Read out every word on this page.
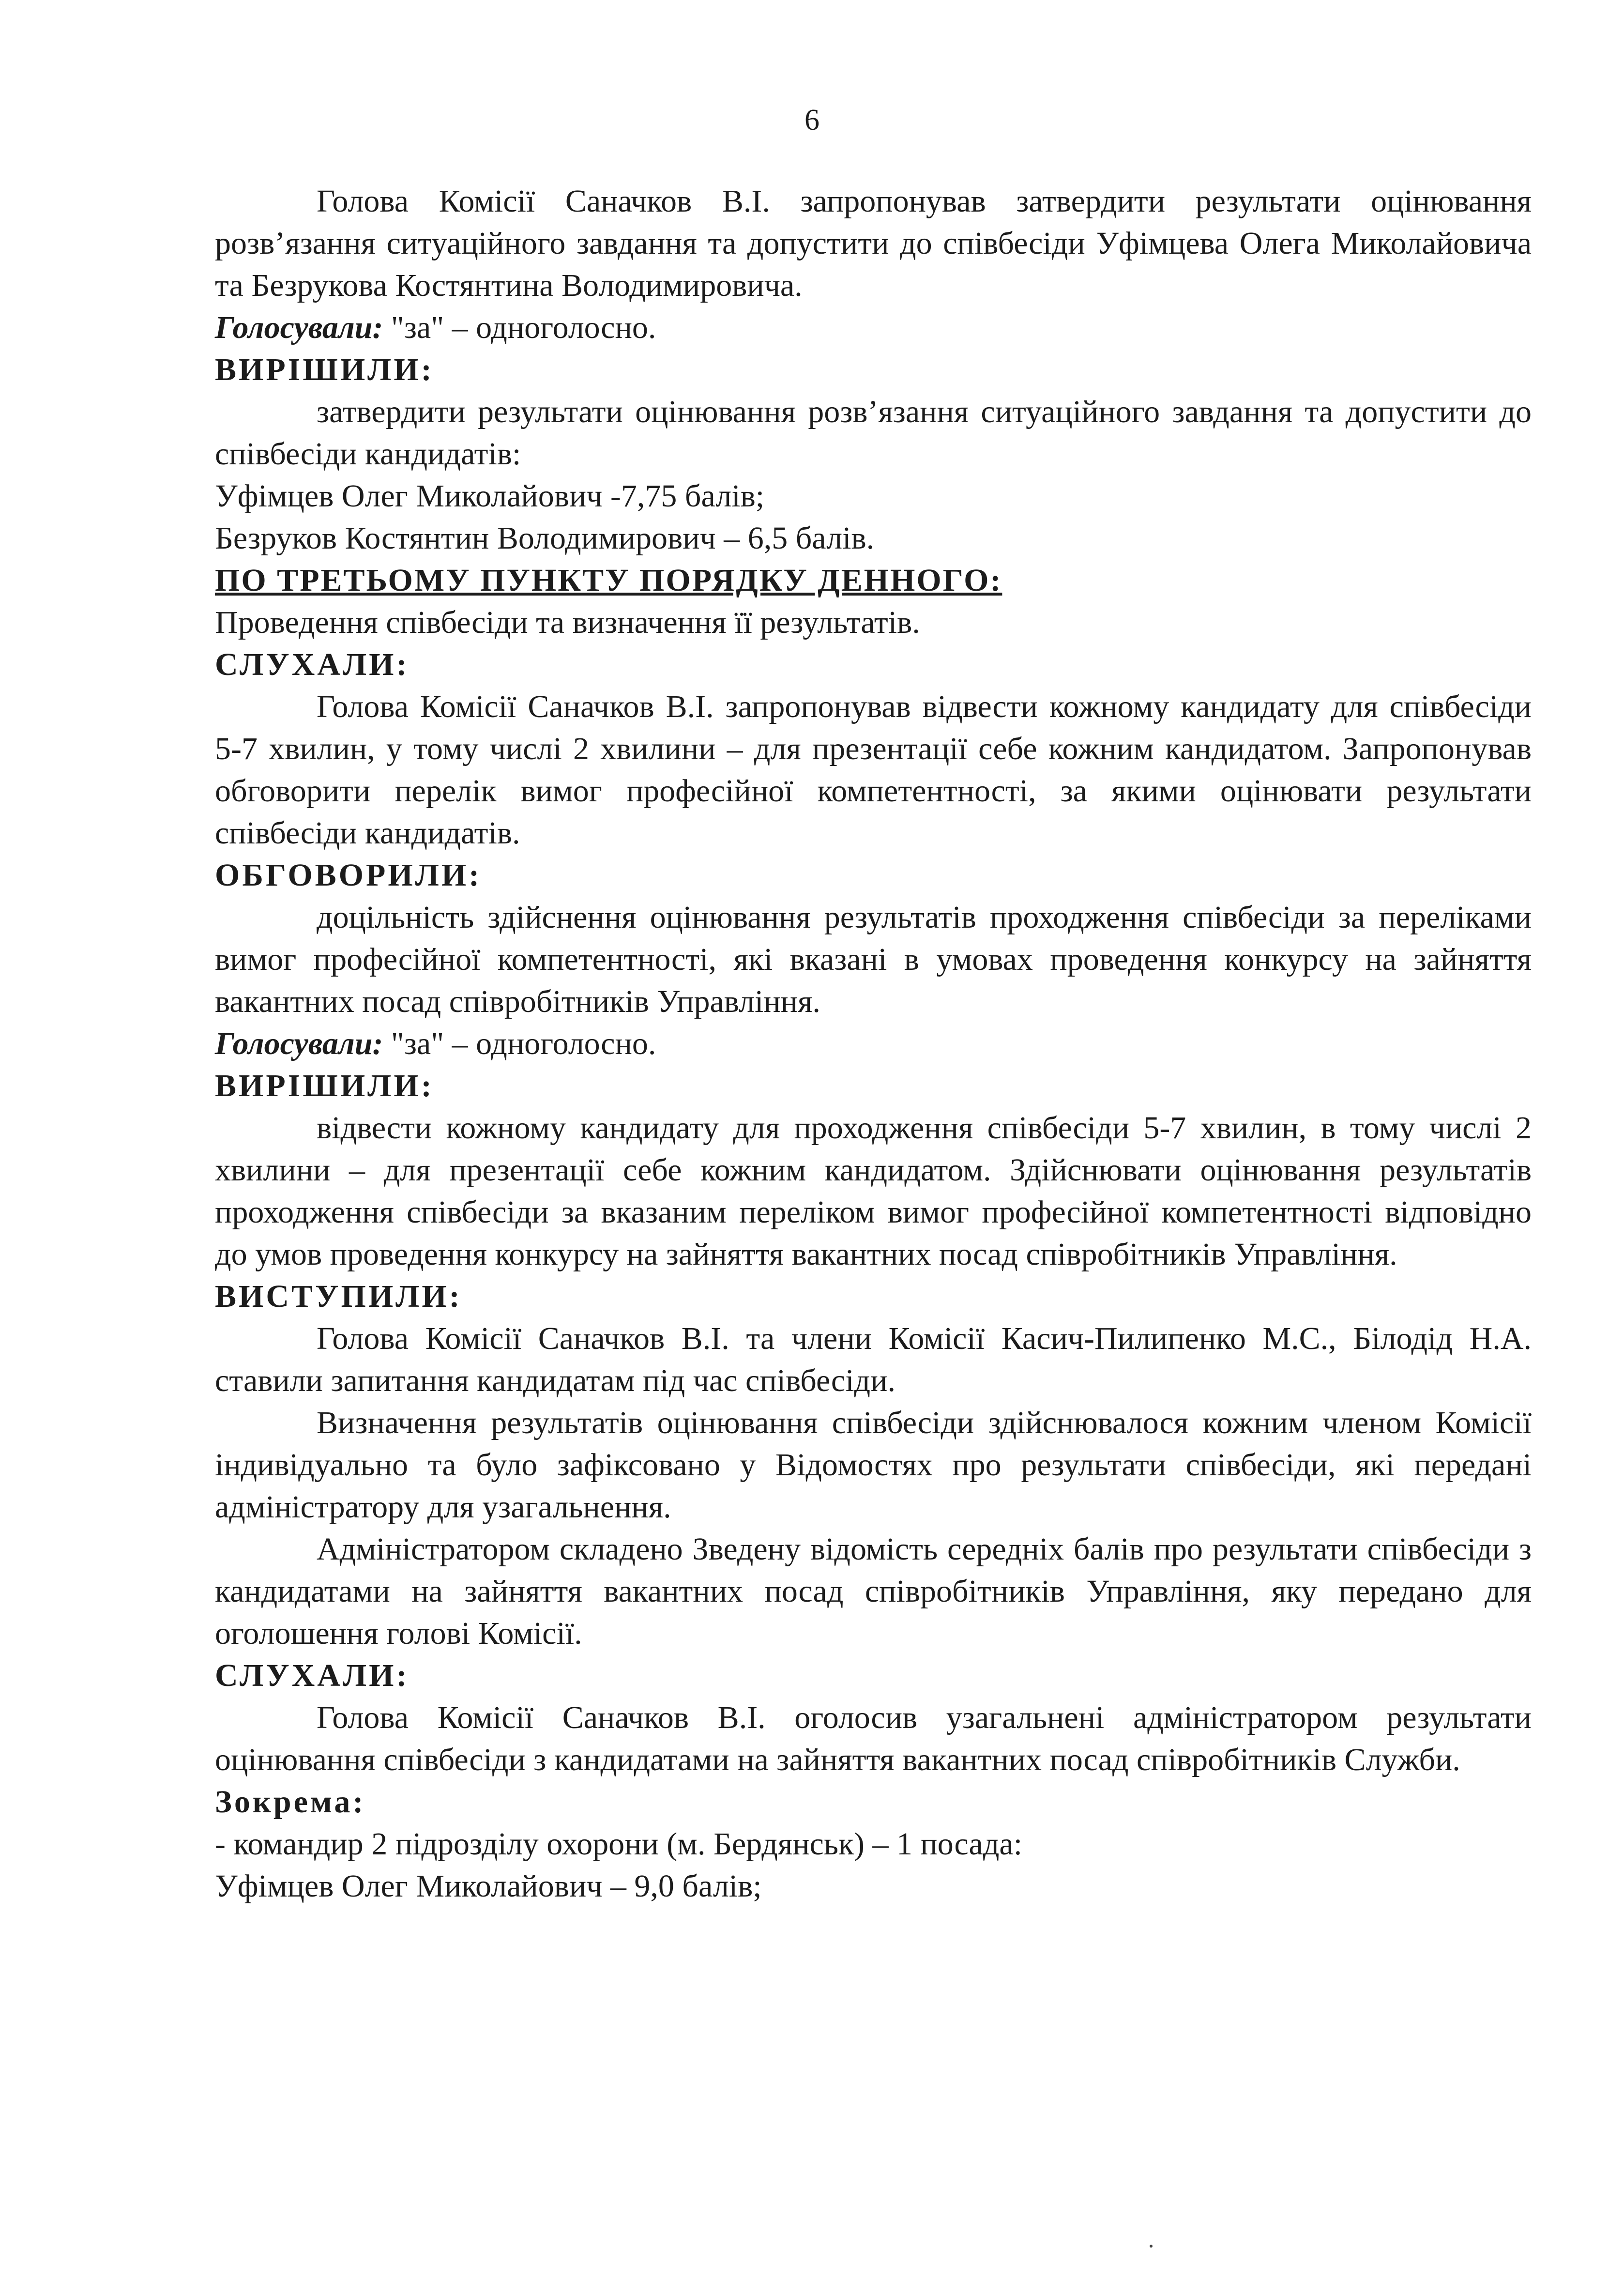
6

Голова Комісії Саначков В.І. запропонував затвердити результати оцінювання розв’язання ситуаційного завдання та допустити до співбесіди Уфімцева Олега Миколайовича та Безрукова Костянтина Володимировича.

Голосували: "за" – одноголосно.

ВИРІШИЛИ:

затвердити результати оцінювання розв’язання ситуаційного завдання та допустити до співбесіди кандидатів:

Уфімцев Олег Миколайович -7,75 балів;

Безруков Костянтин Володимирович – 6,5 балів.

ПО ТРЕТЬОМУ ПУНКТУ ПОРЯДКУ ДЕННОГО:

Проведення співбесіди та визначення її результатів.

СЛУХАЛИ:

Голова Комісії Саначков В.І. запропонував відвести кожному кандидату для співбесіди 5-7 хвилин, у тому числі 2 хвилини – для презентації себе кожним кандидатом. Запропонував обговорити перелік вимог професійної компетентності, за якими оцінювати результати співбесіди кандидатів.

ОБГОВОРИЛИ:

доцільність здійснення оцінювання результатів проходження співбесіди за переліками вимог професійної компетентності, які вказані в умовах проведення конкурсу на зайняття вакантних посад співробітників Управління.

Голосували: "за" – одноголосно.

ВИРІШИЛИ:

відвести кожному кандидату для проходження співбесіди 5-7 хвилин, в тому числі 2 хвилини – для презентації себе кожним кандидатом. Здійснювати оцінювання результатів проходження співбесіди за вказаним переліком вимог професійної компетентності відповідно до умов проведення конкурсу на зайняття вакантних посад співробітників Управління.

ВИСТУПИЛИ:

Голова Комісії Саначков В.І. та члени Комісії Касич-Пилипенко М.С., Білодід Н.А. ставили запитання кандидатам під час співбесіди.

Визначення результатів оцінювання співбесіди здійснювалося кожним членом Комісії індивідуально та було зафіксовано у Відомостях про результати співбесіди, які передані адміністратору для узагальнення.

Адміністратором складено Зведену відомість середніх балів про результати співбесіди з кандидатами на зайняття вакантних посад співробітників Управління, яку передано для оголошення голові Комісії.

СЛУХАЛИ:

Голова Комісії Саначков В.І. оголосив узагальнені адміністратором результати оцінювання співбесіди з кандидатами на зайняття вакантних посад співробітників Служби.

Зокрема:

- командир 2 підрозділу охорони (м. Бердянськ) – 1 посада:

Уфімцев Олег Миколайович – 9,0 балів;
